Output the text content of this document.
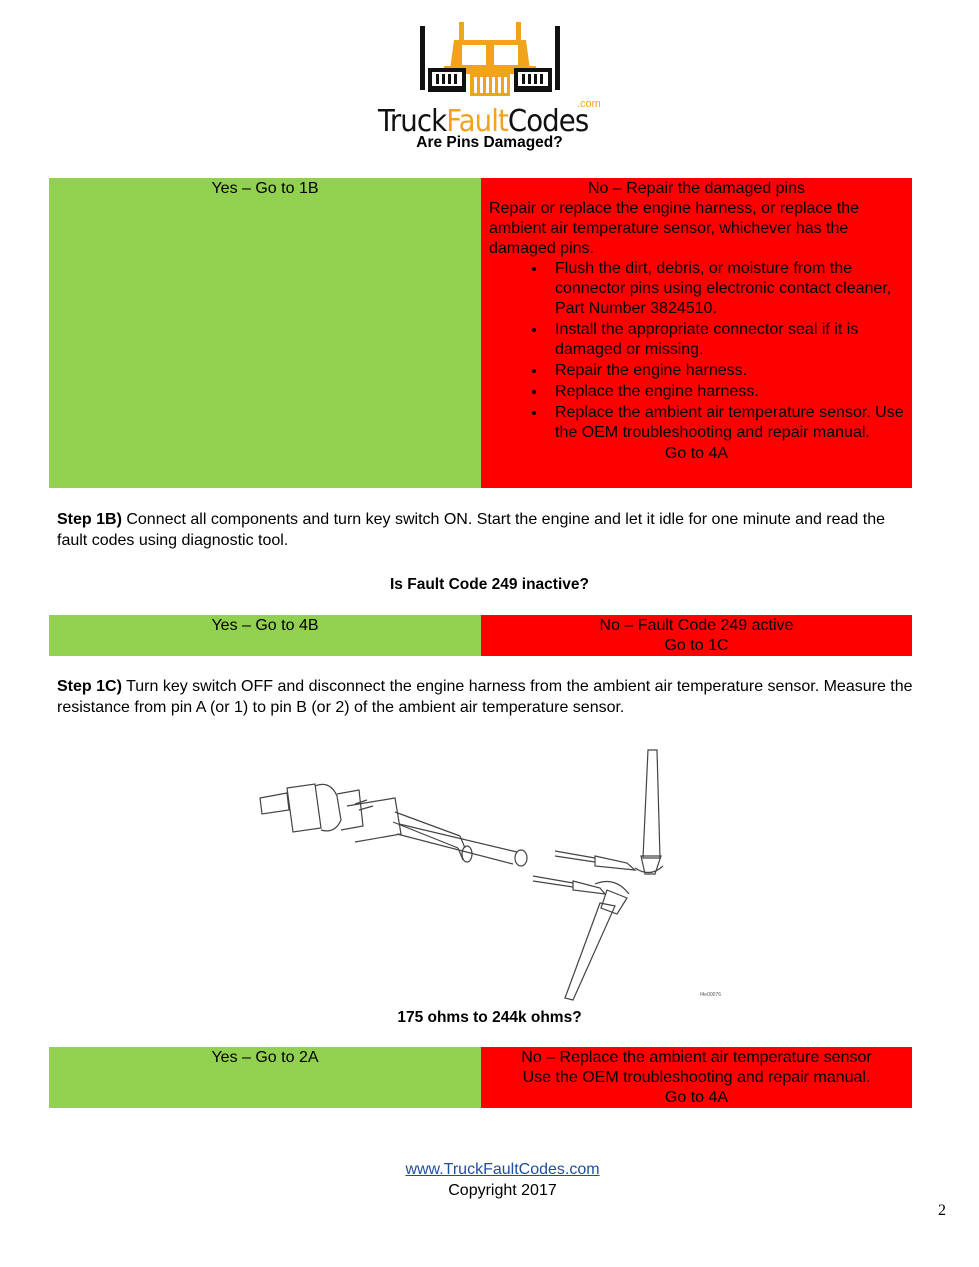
.com
TruckFaultCodes
Are Pins Damaged?
Yes – Go to 1B	No – Repair the damaged pins
Repair or replace the engine harness, or replace the ambient air temperature sensor, whichever has the damaged pins.
• Flush the dirt, debris, or moisture from the connector pins using electronic contact cleaner, Part Number 3824510.
• Install the appropriate connector seal if it is damaged or missing.
• Repair the engine harness.
• Replace the engine harness.
• Replace the ambient air temperature sensor. Use the OEM troubleshooting and repair manual.
Go to 4A
Step 1B) Connect all components and turn key switch ON. Start the engine and let it idle for one minute and read the fault codes using diagnostic tool.
Is Fault Code 249 inactive?
Yes – Go to 4B	No – Fault Code 249 active
Go to 1C
Step 1C) Turn key switch OFF and disconnect the engine harness from the ambient air temperature sensor. Measure the resistance from pin A (or 1) to pin B (or 2) of the ambient air temperature sensor.
f4e00076
175 ohms to 244k ohms?
Yes – Go to 2A	No – Replace the ambient air temperature sensor
Use the OEM troubleshooting and repair manual.
Go to 4A
www.TruckFaultCodes.com
Copyright 2017
2
